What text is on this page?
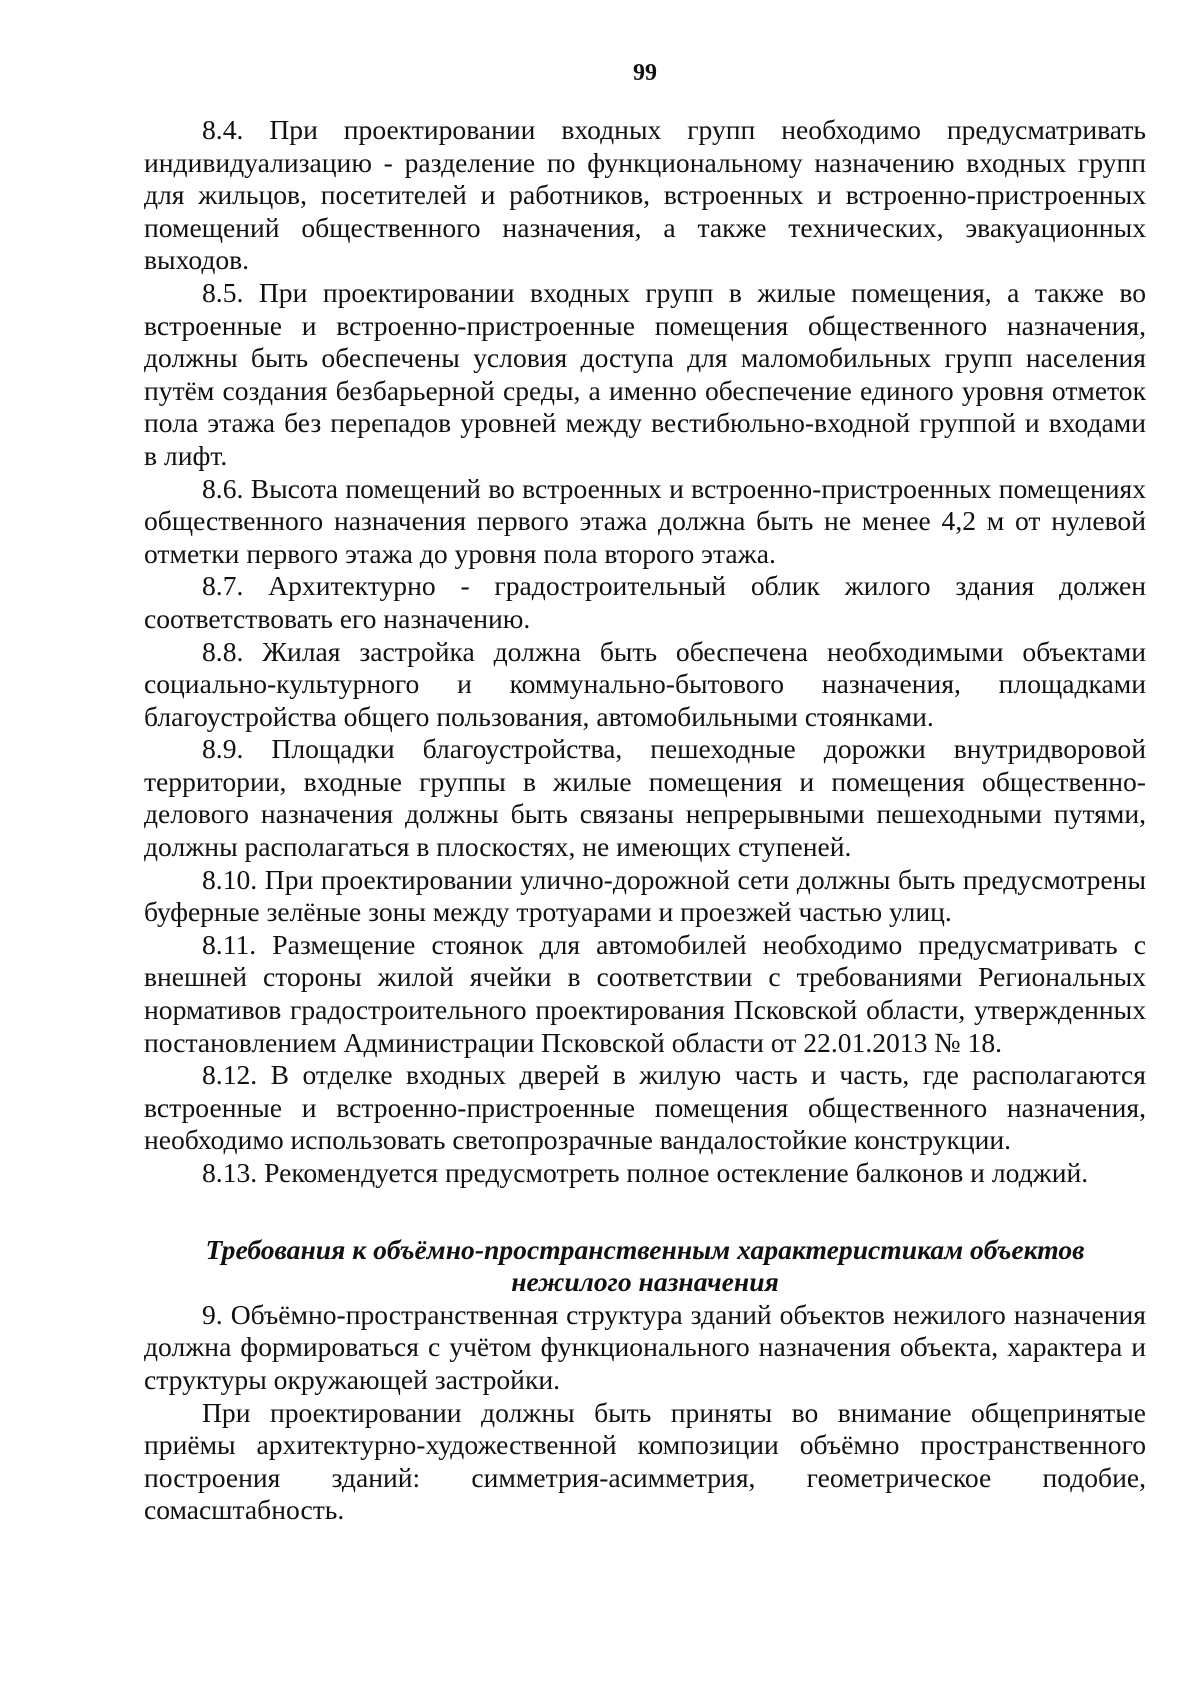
99

8.4. При проектировании входных групп необходимо предусматривать индивидуализацию - разделение по функциональному назначению входных групп для жильцов, посетителей и работников, встроенных и встроенно-пристроенных помещений общественного назначения, а также технических, эвакуационных выходов.

8.5. При проектировании входных групп в жилые помещения, а также во встроенные и встроенно-пристроенные помещения общественного назначения, должны быть обеспечены условия доступа для маломобильных групп населения путём создания безбарьерной среды, а именно обеспечение единого уровня отметок пола этажа без перепадов уровней между вестибюльно-входной группой и входами в лифт.

8.6. Высота помещений во встроенных и встроенно-пристроенных помещениях общественного назначения первого этажа должна быть не менее 4,2 м от нулевой отметки первого этажа до уровня пола второго этажа.

8.7. Архитектурно - градостроительный облик жилого здания должен соответствовать его назначению.

8.8. Жилая застройка должна быть обеспечена необходимыми объектами социально-культурного и коммунально-бытового назначения, площадками благоустройства общего пользования, автомобильными стоянками.

8.9. Площадки благоустройства, пешеходные дорожки внутридворовой территории, входные группы в жилые помещения и помещения общественно-делового назначения должны быть связаны непрерывными пешеходными путями, должны располагаться в плоскостях, не имеющих ступеней.

8.10. При проектировании улично-дорожной сети должны быть предусмотрены буферные зелёные зоны между тротуарами и проезжей частью улиц.

8.11. Размещение стоянок для автомобилей необходимо предусматривать с внешней стороны жилой ячейки в соответствии с требованиями Региональных нормативов градостроительного проектирования Псковской области, утвержденных постановлением Администрации Псковской области от 22.01.2013 № 18.

8.12. В отделке входных дверей в жилую часть и часть, где располагаются встроенные и встроенно-пристроенные помещения общественного назначения, необходимо использовать светопрозрачные вандалостойкие конструкции.

8.13. Рекомендуется предусмотреть полное остекление балконов и лоджий.

Требования к объёмно-пространственным характеристикам объектов
нежилого назначения

9. Объёмно-пространственная структура зданий объектов нежилого назначения должна формироваться с учётом функционального назначения объекта, характера и структуры окружающей застройки.

При проектировании должны быть приняты во внимание общепринятые приёмы архитектурно-художественной композиции объёмно пространственного построения зданий: симметрия-асимметрия, геометрическое подобие, сомасштабность.
